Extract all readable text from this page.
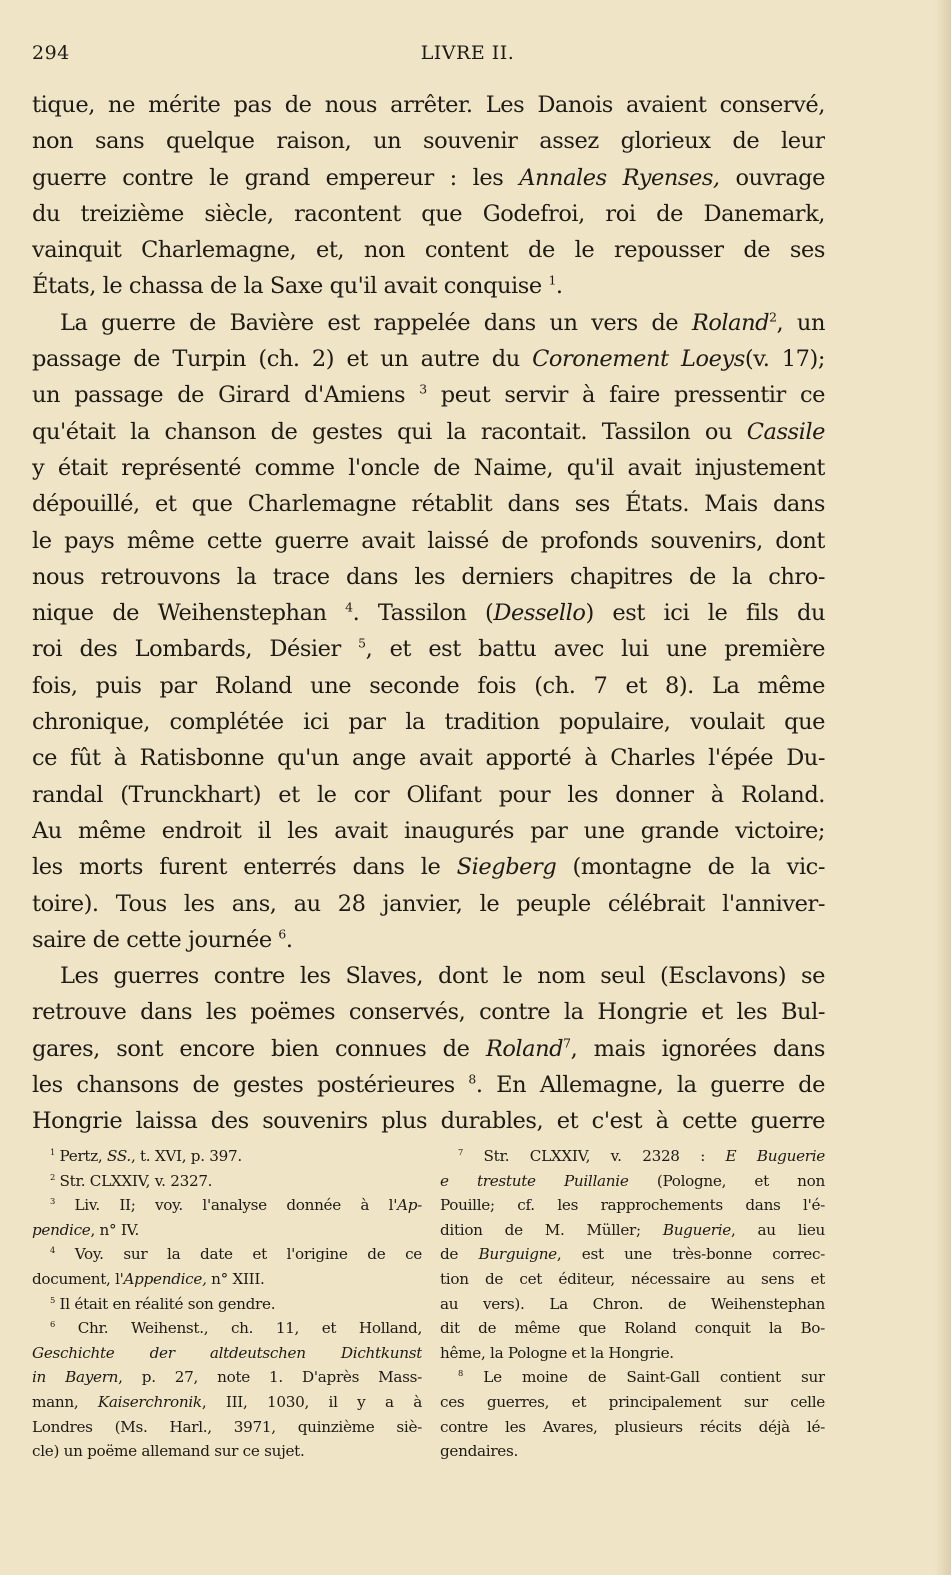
294	LIVRE II.
tique, ne mérite pas de nous arrêter. Les Danois avaient conservé,
non sans quelque raison, un souvenir assez glorieux de leur
guerre contre le grand empereur : les Annales Ryenses, ouvrage
du treizième siècle, racontent que Godefroi, roi de Danemark,
vainquit Charlemagne, et, non content de le repousser de ses
États, le chassa de la Saxe qu'il avait conquise $^1$.
La guerre de Bavière est rappelée dans un vers de Roland$^2$, un
passage de Turpin (ch. 2) et un autre du Coronement Loeys(v. 17);
un passage de Girard d'Amiens $^3$ peut servir à faire pressentir ce
qu'était la chanson de gestes qui la racontait. Tassilon ou Cassile
y était représenté comme l'oncle de Naime, qu'il avait injustement
dépouillé, et que Charlemagne rétablit dans ses États. Mais dans
le pays même cette guerre avait laissé de profonds souvenirs, dont
nous retrouvons la trace dans les derniers chapitres de la chro-
nique de Weihenstephan $^4$. Tassilon (Dessello) est ici le fils du
roi des Lombards, Désier $^5$, et est battu avec lui une première
fois, puis par Roland une seconde fois (ch. 7 et 8). La même
chronique, complétée ici par la tradition populaire, voulait que
ce fût à Ratisbonne qu'un ange avait apporté à Charles l'épée Du-
randal (Trunckhart) et le cor Olifant pour les donner à Roland.
Au même endroit il les avait inaugurés par une grande victoire;
les morts furent enterrés dans le Siegberg (montagne de la vic-
toire). Tous les ans, au 28 janvier, le peuple célébrait l'anniver-
saire de cette journée $^6$.
Les guerres contre les Slaves, dont le nom seul (Esclavons) se
retrouve dans les poëmes conservés, contre la Hongrie et les Bul-
gares, sont encore bien connues de Roland$^7$, mais ignorées dans
les chansons de gestes postérieures $^8$. En Allemagne, la guerre de
Hongrie laissa des souvenirs plus durables, et c'est à cette guerre
$^1$ Pertz, SS., t. XVI, p. 397.
$^2$ Str. CLXXIV, v. 2327.
$^3$ Liv. II; voy. l'analyse donnée à l'Ap-
pendice, n° IV.
$^4$ Voy. sur la date et l'origine de ce
document, l'Appendice, n° XIII.
$^5$ Il était en réalité son gendre.
$^6$ Chr. Weihenst., ch. 11, et Holland,
Geschichte der altdeutschen Dichtkunst
in Bayern, p. 27, note 1. D'après Mass-
mann, Kaiserchronik, III, 1030, il y a à
Londres (Ms. Harl., 3971, quinzième siè-
cle) un poëme allemand sur ce sujet.
$^7$ Str. CLXXIV, v. 2328 : E Buguerie
e trestute Puillanie (Pologne, et non
Pouille; cf. les rapprochements dans l'é-
dition de M. Müller; Buguerie, au lieu
de Burguigne, est une très-bonne correc-
tion de cet éditeur, nécessaire au sens et
au vers). La Chron. de Weihenstephan
dit de même que Roland conquit la Bo-
hême, la Pologne et la Hongrie.
$^8$ Le moine de Saint-Gall contient sur
ces guerres, et principalement sur celle
contre les Avares, plusieurs récits déjà lé-
gendaires.
